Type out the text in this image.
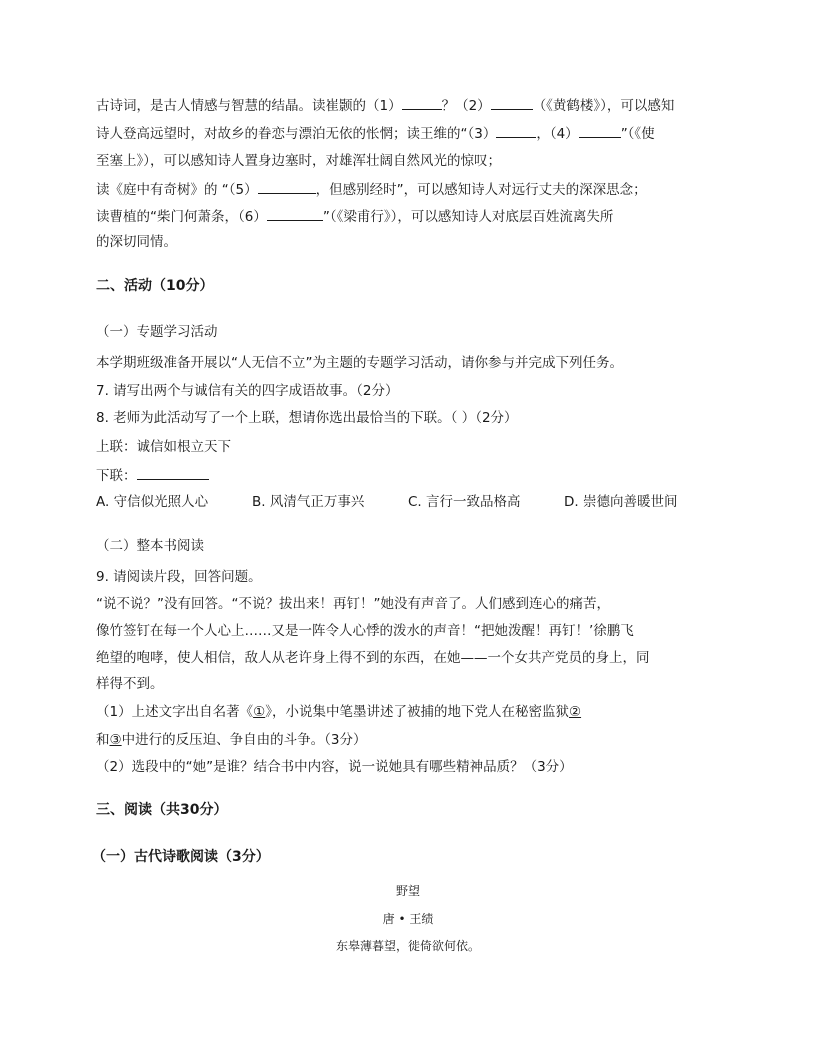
古诗词，是古人情感与智慧的结晶。读崔颢的（1）	？（2）	（《黄鹤楼》），可以感知
诗人登高远望时，对故乡的眷恋与漂泊无依的怅惘；读王维的“（3）	，（4）	”（《使
至塞上》），可以感知诗人置身边塞时，对雄浑壮阔自然风光的惊叹；
读《庭中有奇树》的 “（5）	，但感别经时”，可以感知诗人对远行丈夫的深深思念；
读曹植的“柴门何萧条，（6）	”（《梁甫行》），可以感知诗人对底层百姓流离失所
的深切同情。
二、活动（10分）
（一）专题学习活动
本学期班级准备开展以“人无信不立”为主题的专题学习活动，请你参与并完成下列任务。
7. 请写出两个与诚信有关的四字成语故事。（2分）
8. 老师为此活动写了一个上联，想请你选出最恰当的下联。（ ）（2分）
上联：诚信如根立天下
下联：
A. 守信似光照人心	B. 风清气正万事兴	C. 言行一致品格高	D. 崇德向善暖世间
（二）整本书阅读
9. 请阅读片段，回答问题。
“说不说？”没有回答。“不说？拔出来！再钉！”她没有声音了。人们感到连心的痛苦，
像竹签钉在每一个人心上……又是一阵令人心悸的泼水的声音！“把她泼醒！再钉！’徐鹏飞
绝望的咆哮，使人相信，敌人从老许身上得不到的东西，在她——一个女共产党员的身上，同
样得不到。
（1）上述文字出自名著《①》，小说集中笔墨讲述了被捕的地下党人在秘密监狱②
和③中进行的反压迫、争自由的斗争。（3分）
（2）选段中的“她”是谁？结合书中内容，说一说她具有哪些精神品质？（3分）
三、阅读（共30分）
（一）古代诗歌阅读（3分）
野望
唐 • 王绩
东皋薄暮望，徙倚欲何依。
